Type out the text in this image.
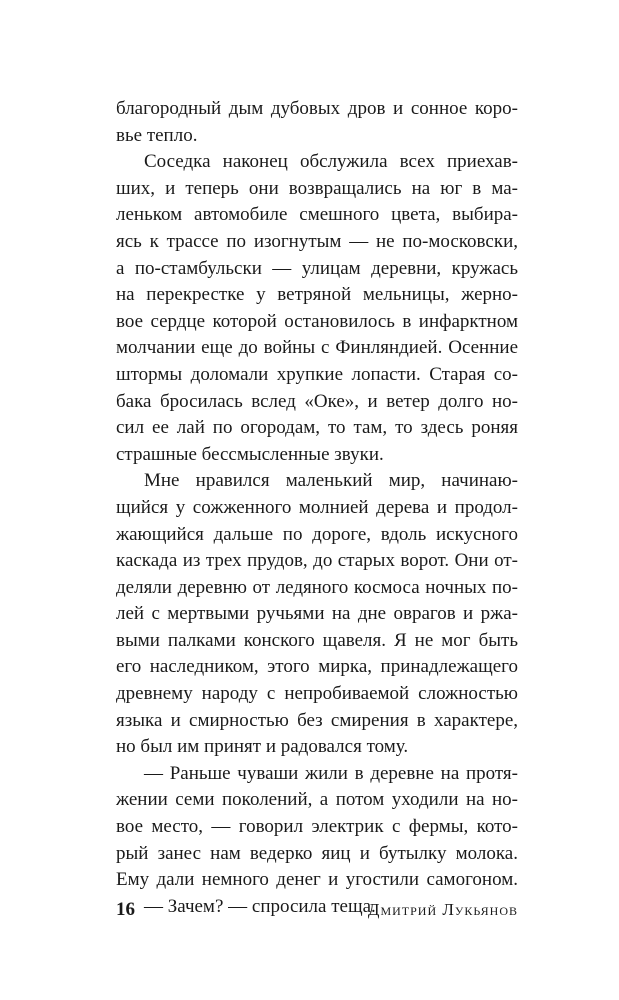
благородный дым дубовых дров и сонное коро-
вье тепло.
Соседка наконец обслужила всех приехав-
ших, и теперь они возвращались на юг в ма-
леньком автомобиле смешного цвета, выбира-
ясь к трассе по изогнутым — не по-московски,
а по-стамбульски — улицам деревни, кружась
на перекрестке у ветряной мельницы, жерно-
вое сердце которой остановилось в инфарктном
молчании еще до войны с Финляндией. Осенние
штормы доломали хрупкие лопасти. Старая со-
бака бросилась вслед «Оке», и ветер долго но-
сил ее лай по огородам, то там, то здесь роняя
страшные бессмысленные звуки.
Мне нравился маленький мир, начинаю-
щийся у сожженного молнией дерева и продол-
жающийся дальше по дороге, вдоль искусного
каскада из трех прудов, до старых ворот. Они от-
деляли деревню от ледяного космоса ночных по-
лей с мертвыми ручьями на дне оврагов и ржа-
выми палками конского щавеля. Я не мог быть
его наследником, этого мирка, принадлежащего
древнему народу с непробиваемой сложностью
языка и смирностью без смирения в характере,
но был им принят и радовался тому.
— Раньше чуваши жили в деревне на протя-
жении семи поколений, а потом уходили на но-
вое место, — говорил электрик с фермы, кото-
рый занес нам ведерко яиц и бутылку молока.
Ему дали немного денег и угостили самогоном.
— Зачем? — спросила теща.
16	Дмитрий Лукьянов
